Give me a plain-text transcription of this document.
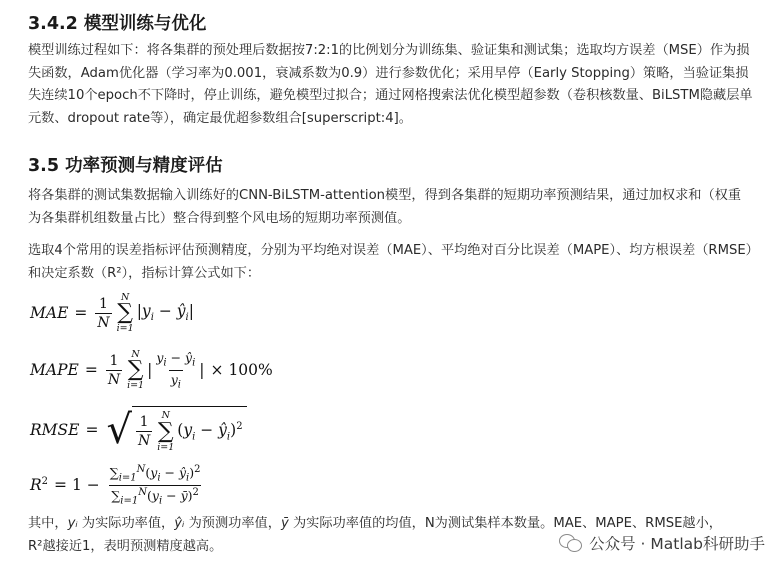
3.4.2 模型训练与优化

模型训练过程如下：将各集群的预处理后数据按7:2:1的比例划分为训练集、验证集和测试集；选取均方误差（MSE）作为损失函数，Adam优化器（学习率为0.001，衰减系数为0.9）进行参数优化；采用早停（Early Stopping）策略，当验证集损失连续10个epoch不下降时，停止训练，避免模型过拟合；通过网格搜索法优化模型超参数（卷积核数量、BiLSTM隐藏层单元数、dropout rate等），确定最优超参数组合[superscript:4]。

3.5 功率预测与精度评估

将各集群的测试集数据输入训练好的CNN-BiLSTM-attention模型，得到各集群的短期功率预测结果，通过加权求和（权重为各集群机组数量占比）整合得到整个风电场的短期功率预测值。

选取4个常用的误差指标评估预测精度，分别为平均绝对误差（MAE）、平均绝对百分比误差（MAPE）、均方根误差（RMSE）和决定系数（R²），指标计算公式如下：

MAE = $\frac{1}{N}$ N
∑
i=1
$|y_i$ − $ŷ_i|$
MAPE = $\frac{1}{N}$ N
∑
i=1
| $\frac{y_i - ŷ_i}{y_i}$ | × 100%
RMSE = √ $\frac{1}{N}$ N
∑
i=1
($y_i$ − $ŷ_i)^2$
$R^2 = 1 - \frac{\sum_{i=1}^N(y_i - ŷ_i)^2}{\sum_{i=1}^N(y_i - ȳ)^2}$

其中，yᵢ 为实际功率值，ŷᵢ 为预测功率值，ȳ 为实际功率值的均值，N为测试集样本数量。MAE、MAPE、RMSE越小，R²越接近1，表明预测精度越高。	公众号 · Matlab科研助手
